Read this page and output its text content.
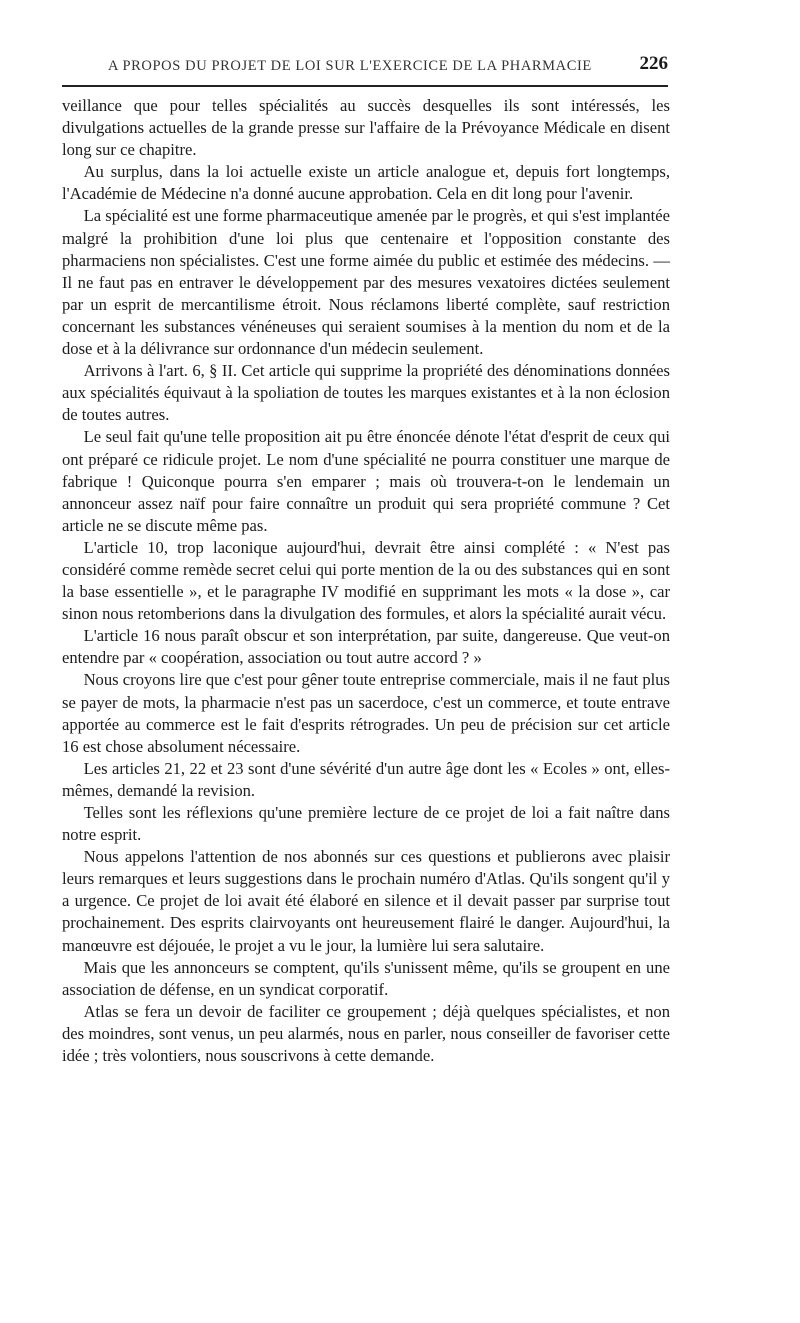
A PROPOS DU PROJET DE LOI SUR L'EXERCICE DE LA PHARMACIE	226

veillance que pour telles spécialités au succès desquelles ils sont intéressés, les divulgations actuelles de la grande presse sur l'affaire de la Prévoyance Médicale en disent long sur ce chapitre.

Au surplus, dans la loi actuelle existe un article analogue et, depuis fort longtemps, l'Académie de Médecine n'a donné aucune approbation. Cela en dit long pour l'avenir.

La spécialité est une forme pharmaceutique amenée par le progrès, et qui s'est implantée malgré la prohibition d'une loi plus que centenaire et l'opposition constante des pharmaciens non spécialistes. C'est une forme aimée du public et estimée des médecins. — Il ne faut pas en entraver le développement par des mesures vexatoires dictées seulement par un esprit de mercantilisme étroit. Nous réclamons liberté complète, sauf restriction concernant les substances vénéneuses qui seraient soumises à la mention du nom et de la dose et à la délivrance sur ordonnance d'un médecin seulement.

Arrivons à l'art. 6, § II. Cet article qui supprime la propriété des dénominations données aux spécialités équivaut à la spoliation de toutes les marques existantes et à la non éclosion de toutes autres.

Le seul fait qu'une telle proposition ait pu être énoncée dénote l'état d'esprit de ceux qui ont préparé ce ridicule projet. Le nom d'une spécialité ne pourra constituer une marque de fabrique ! Quiconque pourra s'en emparer ; mais où trouvera-t-on le lendemain un annonceur assez naïf pour faire connaître un produit qui sera propriété commune ? Cet article ne se discute même pas.

L'article 10, trop laconique aujourd'hui, devrait être ainsi complété : « N'est pas considéré comme remède secret celui qui porte mention de la ou des substances qui en sont la base essentielle », et le paragraphe IV modifié en supprimant les mots « la dose », car sinon nous retomberions dans la divulgation des formules, et alors la spécialité aurait vécu.

L'article 16 nous paraît obscur et son interprétation, par suite, dangereuse. Que veut-on entendre par « coopération, association ou tout autre accord ? »

Nous croyons lire que c'est pour gêner toute entreprise commerciale, mais il ne faut plus se payer de mots, la pharmacie n'est pas un sacerdoce, c'est un commerce, et toute entrave apportée au commerce est le fait d'esprits rétrogrades. Un peu de précision sur cet article 16 est chose absolument nécessaire.

Les articles 21, 22 et 23 sont d'une sévérité d'un autre âge dont les « Ecoles » ont, elles-mêmes, demandé la revision.

Telles sont les réflexions qu'une première lecture de ce projet de loi a fait naître dans notre esprit.

Nous appelons l'attention de nos abonnés sur ces questions et publierons avec plaisir leurs remarques et leurs suggestions dans le prochain numéro d'Atlas. Qu'ils songent qu'il y a urgence. Ce projet de loi avait été élaboré en silence et il devait passer par surprise tout prochainement. Des esprits clairvoyants ont heureusement flairé le danger. Aujourd'hui, la manœuvre est déjouée, le projet a vu le jour, la lumière lui sera salutaire.

Mais que les annonceurs se comptent, qu'ils s'unissent même, qu'ils se groupent en une association de défense, en un syndicat corporatif.

Atlas se fera un devoir de faciliter ce groupement ; déjà quelques spécialistes, et non des moindres, sont venus, un peu alarmés, nous en parler, nous conseiller de favoriser cette idée ; très volontiers, nous souscrivons à cette demande.
